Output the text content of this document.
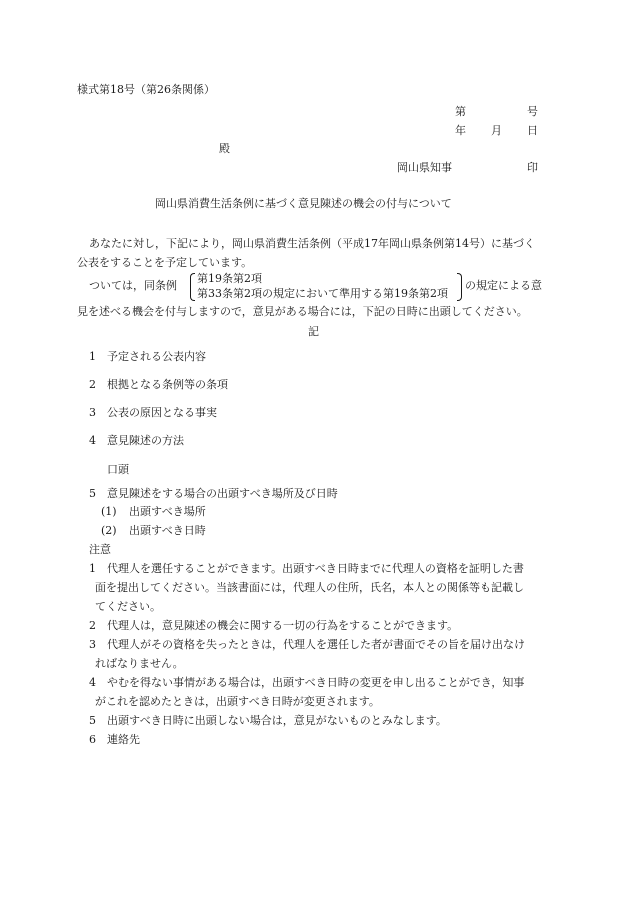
様式第18号（第26条関係）
第	号
年 月 日
殿
岡山県知事	印
岡山県消費生活条例に基づく意見陳述の機会の付与について
あなたに対し，下記により，岡山県消費生活条例（平成17年岡山県条例第14号）に基づく
公表をすることを予定しています。
ついては，同条例
第19条第2項
第33条第2項の規定において準用する第19条第2項
の規定による意
見を述べる機会を付与しますので，意見がある場合には，下記の日時に出頭してください。
記
1 予定される公表内容
2 根拠となる条例等の条項
3 公表の原因となる事実
4 意見陳述の方法
口頭
5 意見陳述をする場合の出頭すべき場所及び日時
(1) 出頭すべき場所
(2) 出頭すべき日時
注意
1 代理人を選任することができます。出頭すべき日時までに代理人の資格を証明した書
面を提出してください。当該書面には，代理人の住所，氏名，本人との関係等も記載し
てください。
2 代理人は，意見陳述の機会に関する一切の行為をすることができます。
3 代理人がその資格を失ったときは，代理人を選任した者が書面でその旨を届け出なけ
ればなりません。
4 やむを得ない事情がある場合は，出頭すべき日時の変更を申し出ることができ，知事
がこれを認めたときは，出頭すべき日時が変更されます。
5 出頭すべき日時に出頭しない場合は，意見がないものとみなします。
6 連絡先
